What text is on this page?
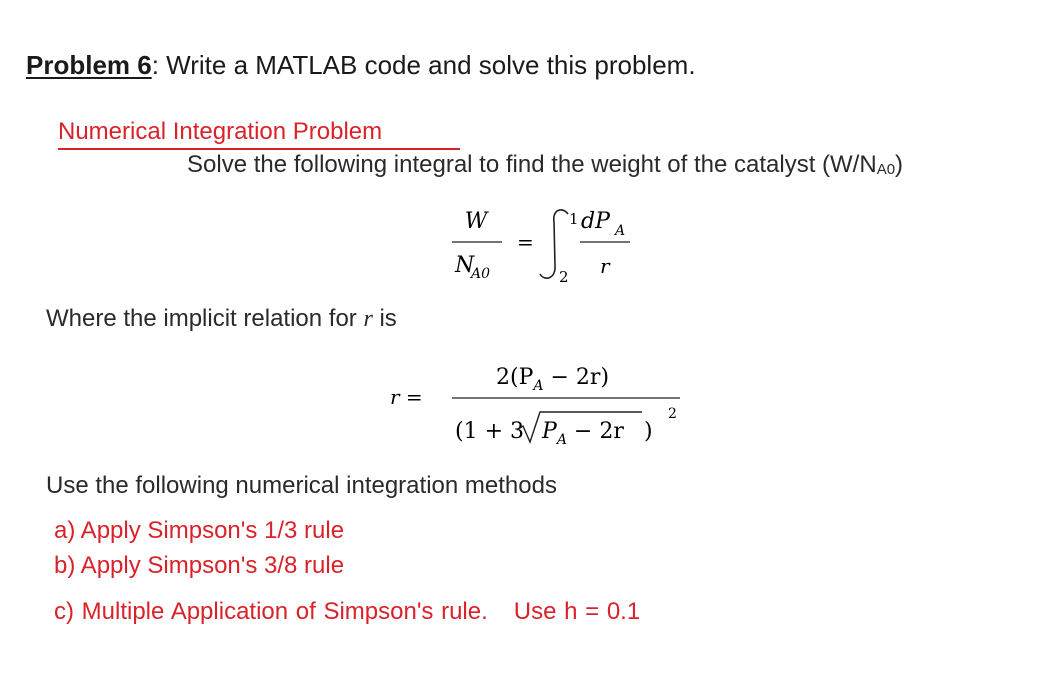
Problem 6: Write a MATLAB code and solve this problem.
Numerical Integration Problem
Solve the following integral to find the weight of the catalyst $(W/N_{A0})$
W
N
A0
=
1
2
dP A
r
Where the implicit relation for r is
r =
$2(P_A - 2r)$
(1 + 3 $P_A - 2r$ )
2
Use the following numerical integration methods
a) Apply Simpson's 1/3 rule
b) Apply Simpson's 3/8 rule
c) Multiple Application of Simpson's rule. Use h = 0.1
